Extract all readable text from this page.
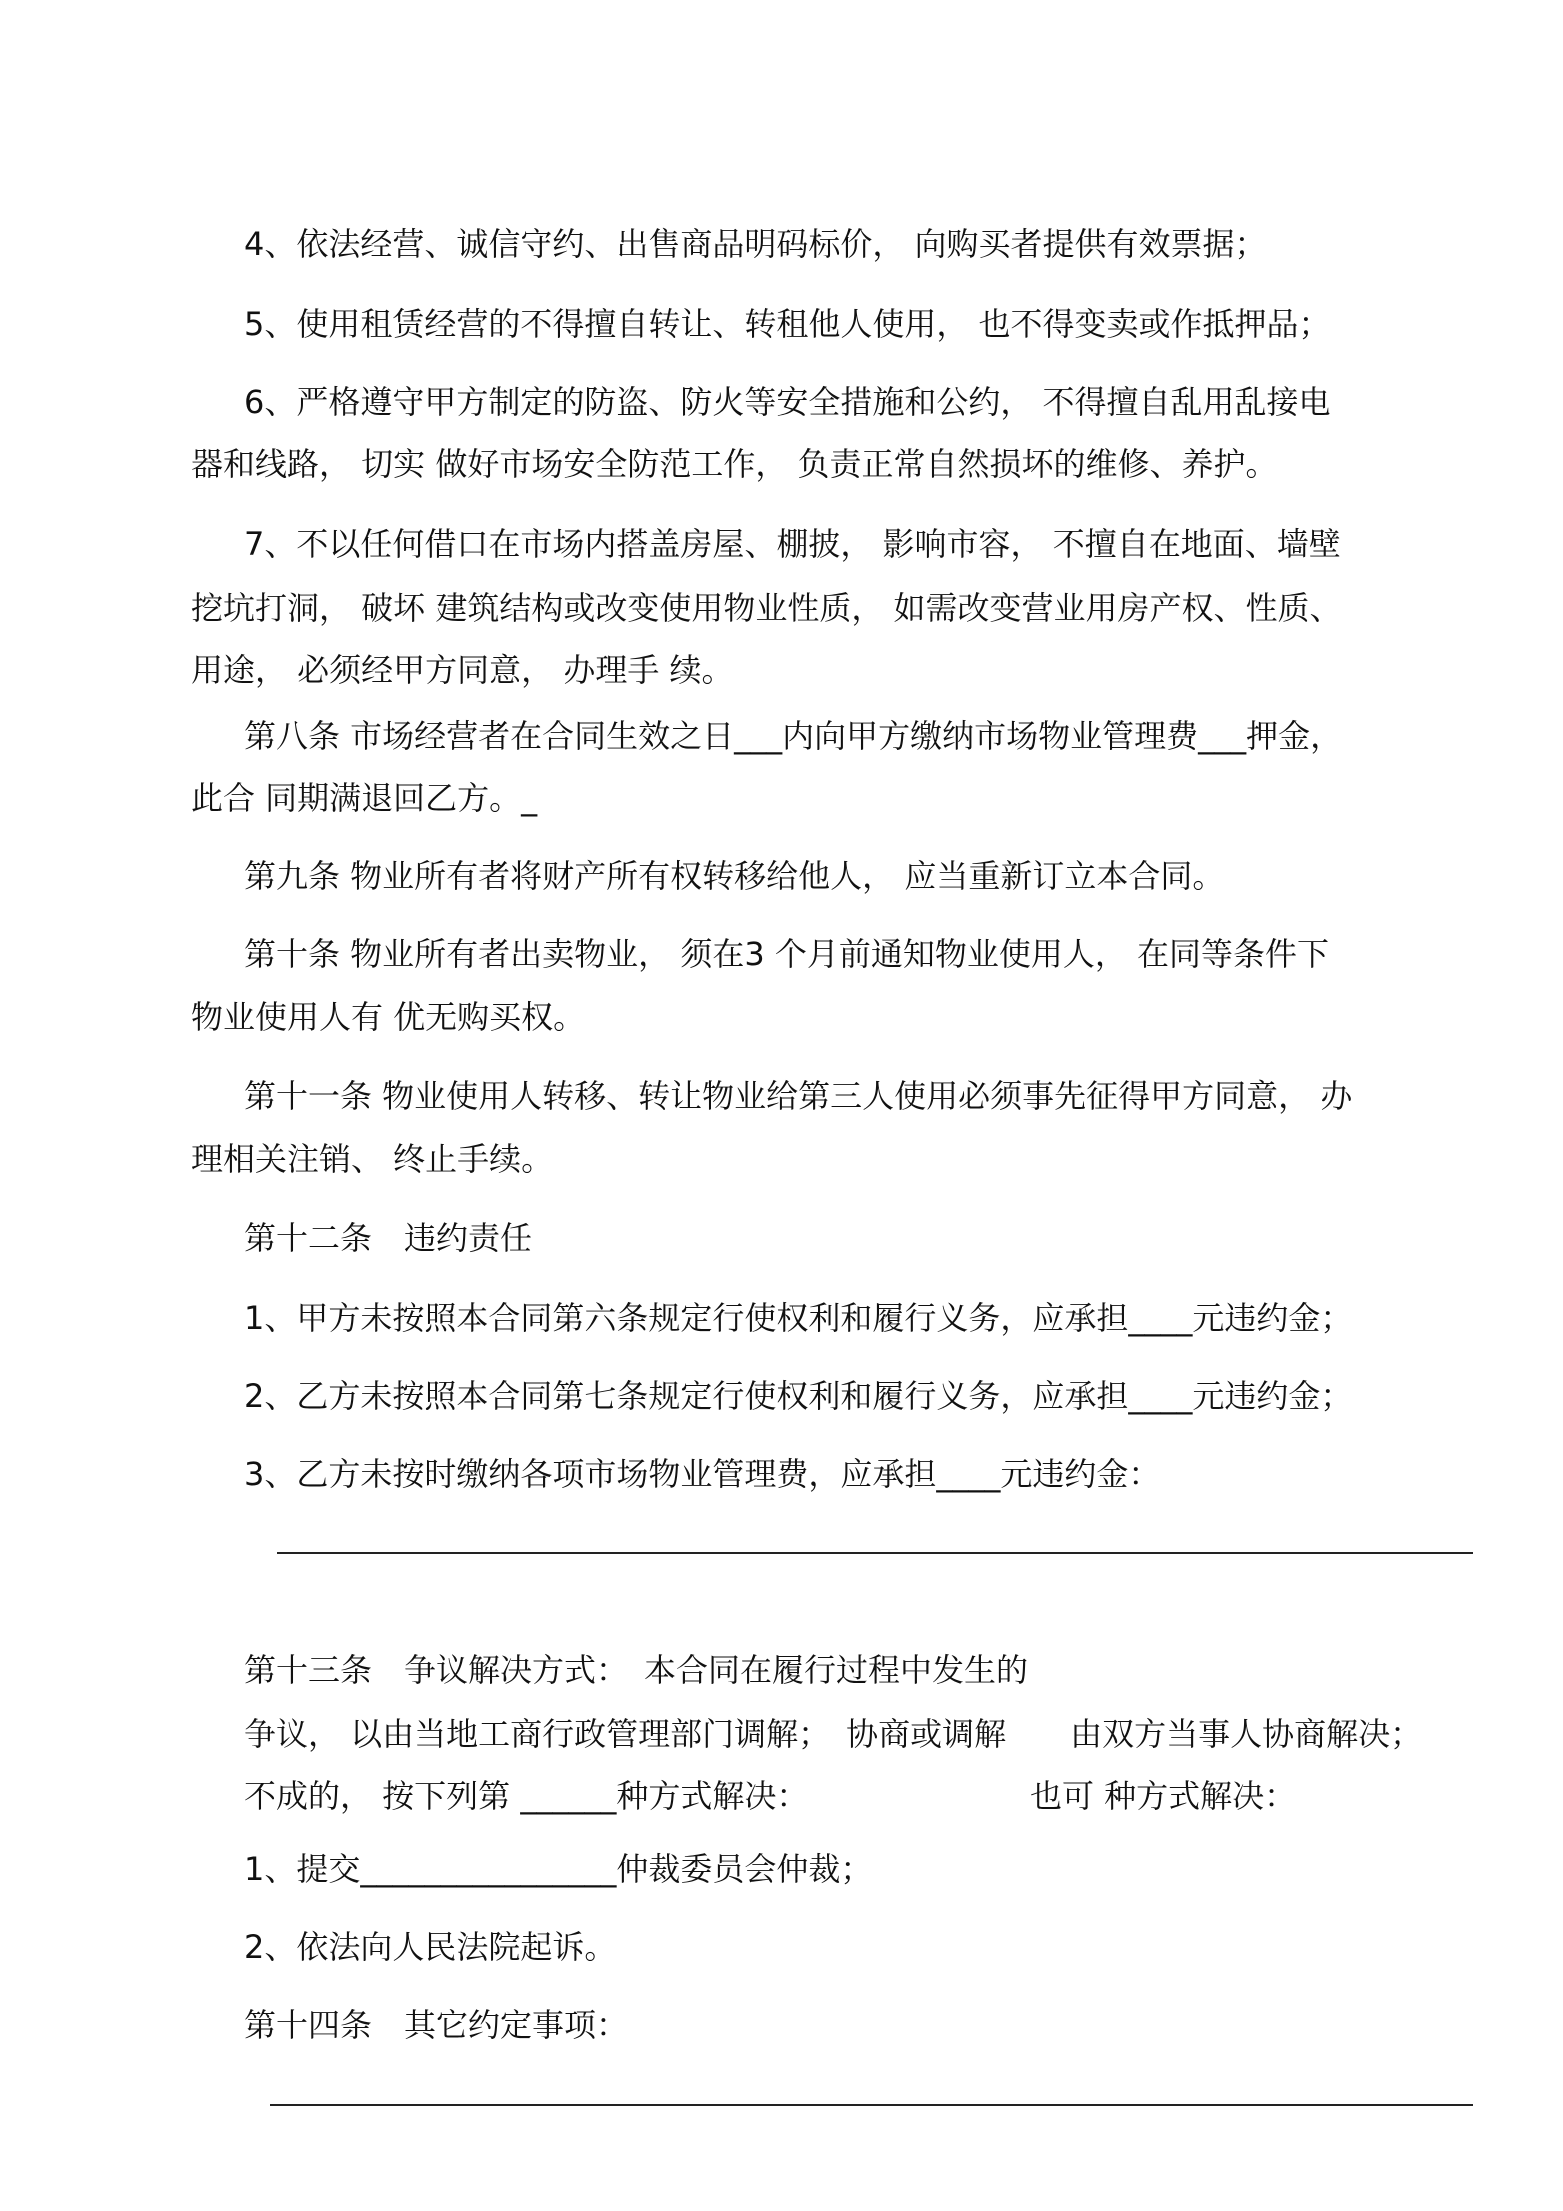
4、依法经营、诚信守约、出售商品明码标价， 向购买者提供有效票据；
5、使用租赁经营的不得擅自转让、转租他人使用， 也不得变卖或作抵押品；
6、严格遵守甲方制定的防盗、防火等安全措施和公约， 不得擅自乱用乱接电
器和线路， 切实 做好市场安全防范工作， 负责正常自然损坏的维修、养护。
7、不以任何借口在市场内搭盖房屋、棚披， 影响市容， 不擅自在地面、墙壁
挖坑打洞， 破坏 建筑结构或改变使用物业性质， 如需改变营业用房产权、性质、
用途， 必须经甲方同意， 办理手 续。
第八条 市场经营者在合同生效之日___内向甲方缴纳市场物业管理费___押金，
此合 同期满退回乙方。_
第九条 物业所有者将财产所有权转移给他人， 应当重新订立本合同。
第十条 物业所有者出卖物业， 须在3 个月前通知物业使用人， 在同等条件下
物业使用人有 优无购买权。
第十一条 物业使用人转移、转让物业给第三人使用必须事先征得甲方同意， 办
理相关注销、 终止手续。
第十二条　违约责任
1、甲方未按照本合同第六条规定行使权利和履行义务，应承担____元违约金；
2、乙方未按照本合同第七条规定行使权利和履行义务，应承担____元违约金；
3、乙方未按时缴纳各项市场物业管理费，应承担____元违约金：
第十三条　争议解决方式：　本合同在履行过程中发生的
争议， 以由当地工商行政管理部门调解；　协商或调解　　由双方当事人协商解决；
不成的， 按下列第 ______种方式解决：	也可 种方式解决：
1、提交________________仲裁委员会仲裁；
2、依法向人民法院起诉。
第十四条　其它约定事项：
